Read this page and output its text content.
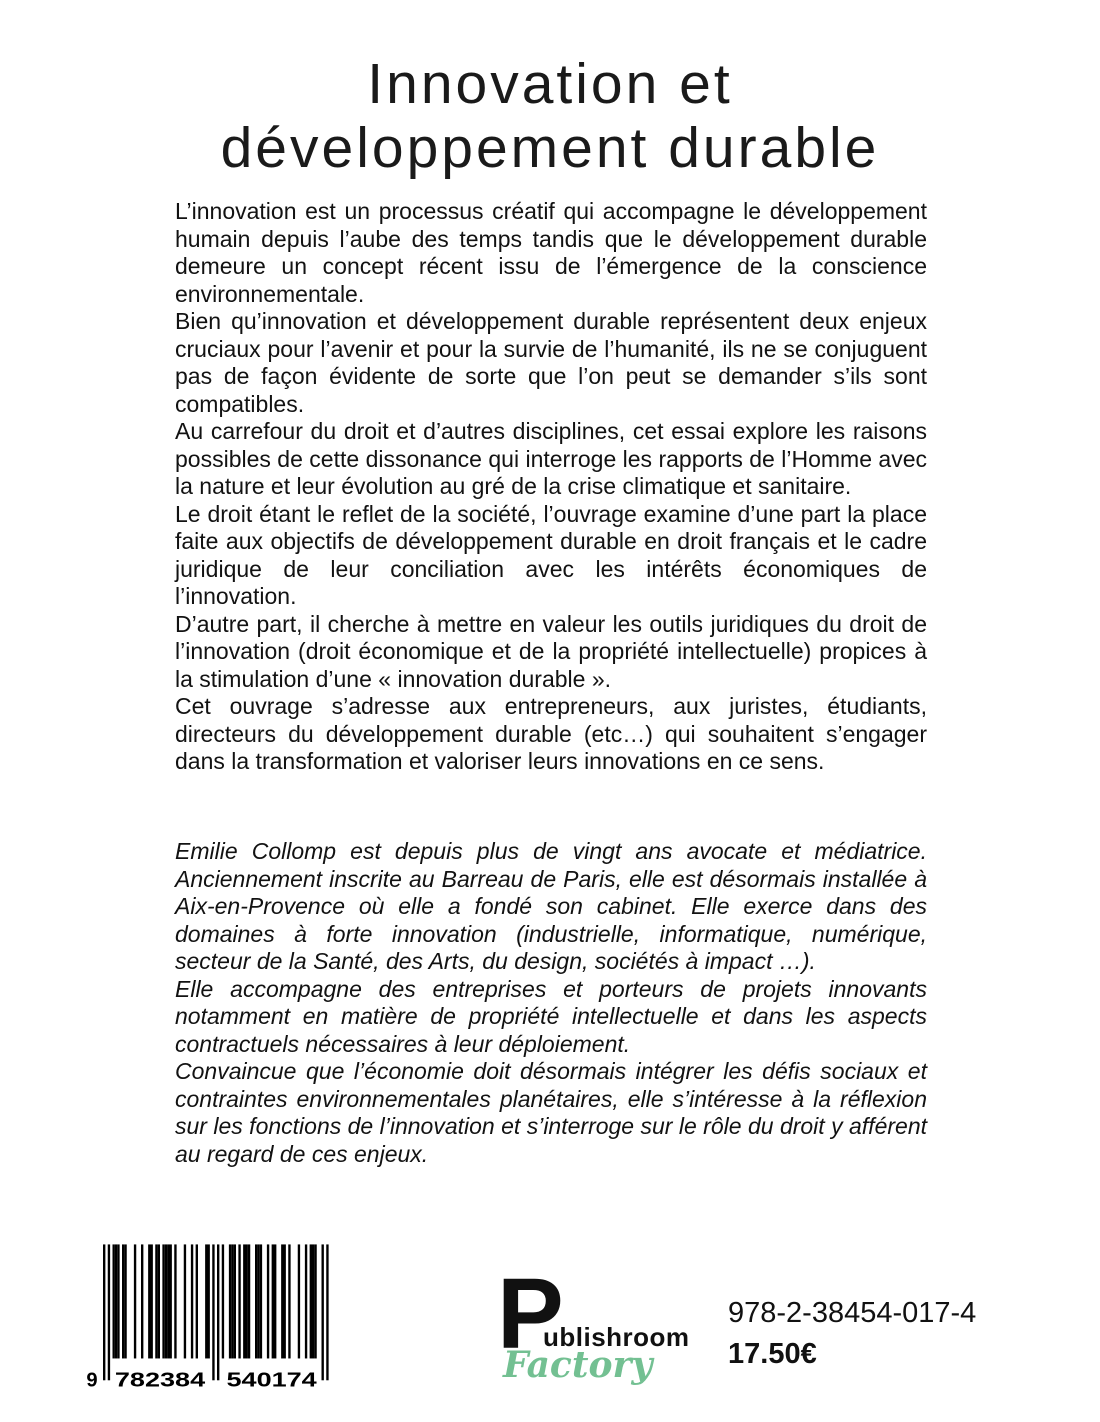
Innovation et
développement durable

L’innovation est un processus créatif qui accompagne le développement humain depuis l’aube des temps tandis que le développement durable demeure un concept récent issu de l’émergence de la conscience environnementale.

Bien qu’innovation et développement durable représentent deux enjeux cruciaux pour l’avenir et pour la survie de l’humanité, ils ne se conjuguent pas de façon évidente de sorte que l’on peut se demander s’ils sont compatibles.

Au carrefour du droit et d’autres disciplines, cet essai explore les raisons possibles de cette dissonance qui interroge les rapports de l’Homme avec la nature et leur évolution au gré de la crise climatique et sanitaire.

Le droit étant le reflet de la société, l’ouvrage examine d’une part la place faite aux objectifs de développement durable en droit français et le cadre juridique de leur conciliation avec les intérêts économiques de l’innovation.

D’autre part, il cherche à mettre en valeur les outils juridiques du droit de l’innovation (droit économique et de la propriété intellectuelle) propices à la stimulation d’une « innovation durable ».

Cet ouvrage s’adresse aux entrepreneurs, aux juristes, étudiants, directeurs du développement durable (etc…) qui souhaitent s’engager dans la transformation et valoriser leurs innovations en ce sens.

Emilie Collomp est depuis plus de vingt ans avocate et médiatrice. Anciennement inscrite au Barreau de Paris, elle est désormais installée à Aix-en-Provence où elle a fondé son cabinet. Elle exerce dans des domaines à forte innovation (industrielle, informatique, numérique, secteur de la Santé, des Arts, du design, sociétés à impact …).

Elle accompagne des entreprises et porteurs de projets innovants notamment en matière de propriété intellectuelle et dans les aspects contractuels nécessaires à leur déploiement.

Convaincue que l’économie doit désormais intégrer les défis sociaux et contraintes environnementales planétaires, elle s’intéresse à la réflexion sur les fonctions de l’innovation et s’interroge sur le rôle du droit y afférent au regard de ces enjeux.

9 782384 540174
P
ublishroom
Factory
978-2-38454-017-4
17.50€
